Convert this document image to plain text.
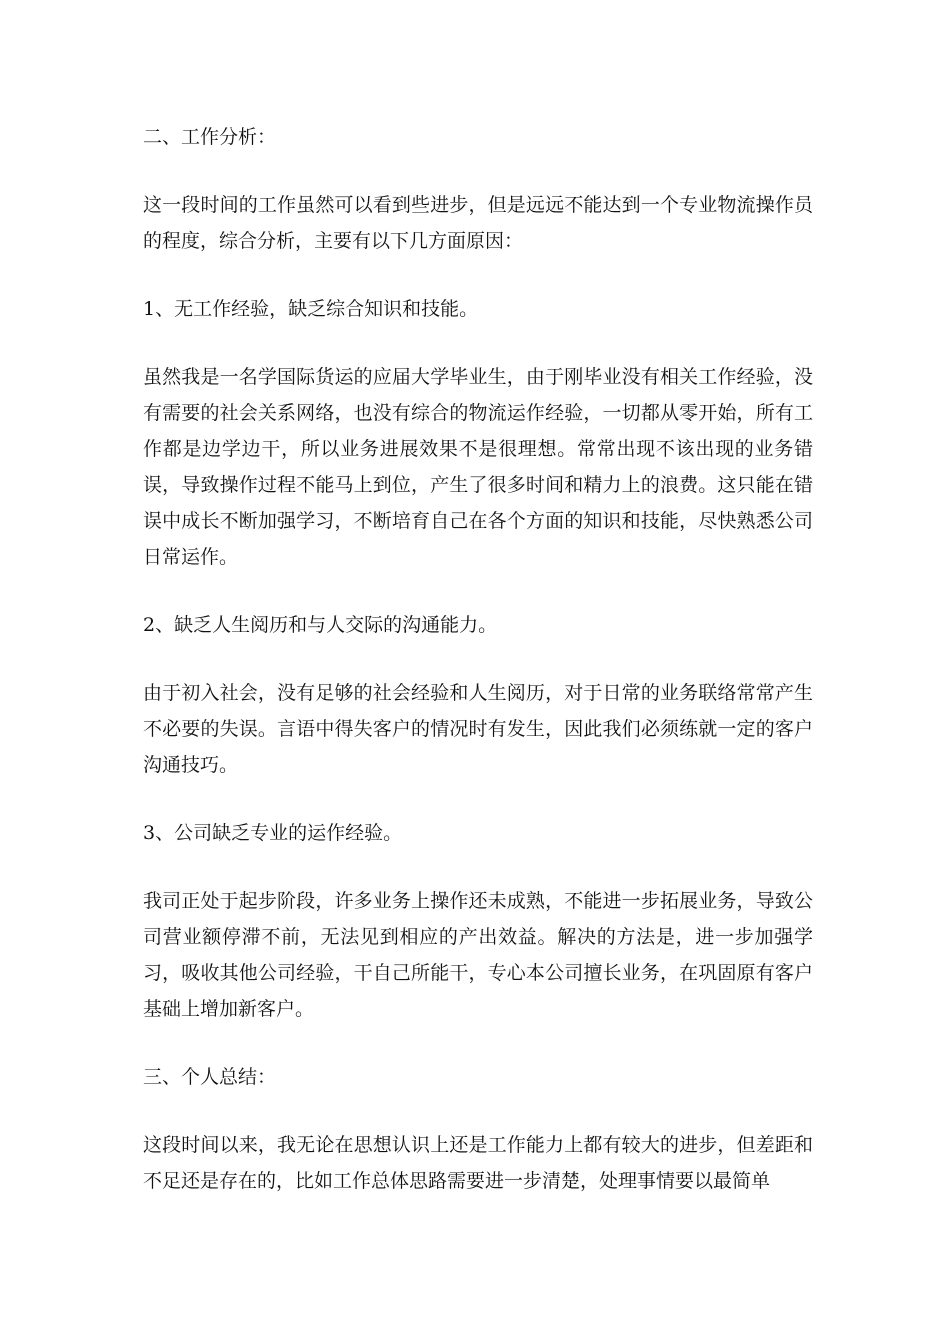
二、工作分析：

这一段时间的工作虽然可以看到些进步，但是远远不能达到一个专业物流操作员的程度，综合分析，主要有以下几方面原因：

1、无工作经验，缺乏综合知识和技能。

虽然我是一名学国际货运的应届大学毕业生，由于刚毕业没有相关工作经验，没有需要的社会关系网络，也没有综合的物流运作经验，一切都从零开始，所有工作都是边学边干，所以业务进展效果不是很理想。常常出现不该出现的业务错误，导致操作过程不能马上到位，产生了很多时间和精力上的浪费。这只能在错误中成长不断加强学习，不断培育自己在各个方面的知识和技能，尽快熟悉公司日常运作。

2、缺乏人生阅历和与人交际的沟通能力。

由于初入社会，没有足够的社会经验和人生阅历，对于日常的业务联络常常产生不必要的失误。言语中得失客户的情况时有发生，因此我们必须练就一定的客户沟通技巧。

3、公司缺乏专业的运作经验。

我司正处于起步阶段，许多业务上操作还未成熟，不能进一步拓展业务，导致公司营业额停滞不前，无法见到相应的产出效益。解决的方法是，进一步加强学习，吸收其他公司经验，干自己所能干，专心本公司擅长业务，在巩固原有客户基础上增加新客户。

三、个人总结：

这段时间以来，我无论在思想认识上还是工作能力上都有较大的进步，但差距和不足还是存在的，比如工作总体思路需要进一步清楚，处理事情要以最简单
